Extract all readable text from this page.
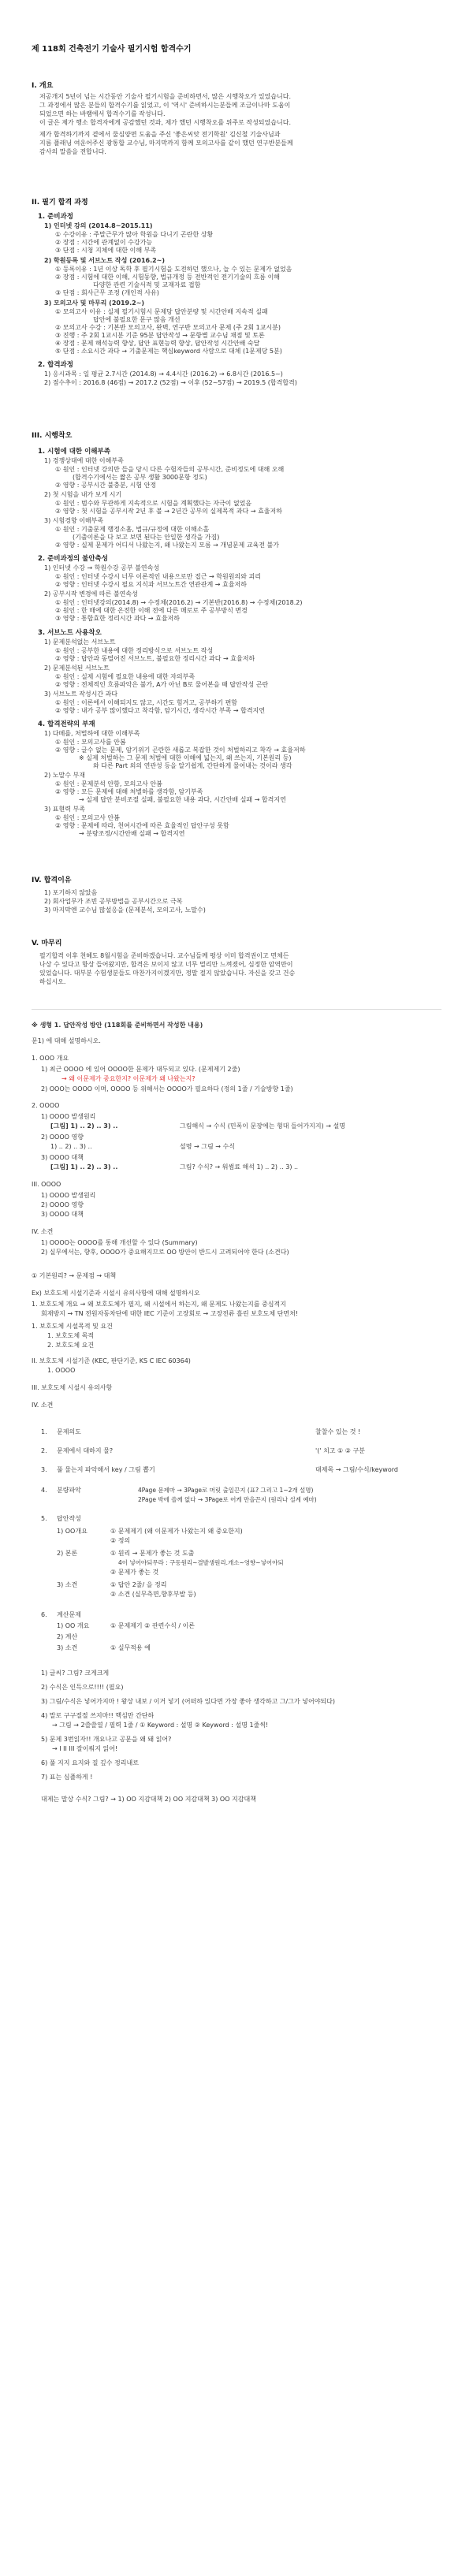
제 118회 건축전기 기술사 필기시험 합격수기
I. 개요
저공개지 5년이 넘는 시간동안 기술사 필기시험을 준비하면서, 많은 시행착오가 있었습니다.
그 과정에서 많은 분들의 합격수기를 읽었고, 이 '역시' 준비하시는분들께 조금이나마 도움이
되었으면 하는 바램에서 합격수기를 작성니다.
이 글은 제가 행소 합격자에게 공감했던 것과, 제가 했던 시행착오를 위주로 작성되었습니다.
제가 합격하기까지 곁에서 물심양면 도움을 주신 '좋은씨앗 전기학원' 김신철 기술사님과
지름 플래닝 여운어주신 광통합 교수님, 마지막까지 함께 모의고사를 같이 했던 연구반분들께
감사의 말씀을 전합니다.
II. 필기 합격 과정
1. 준비과정
1) 인터넷 강의 (2014.8~2015.11)
① 수강이유 : 주말근무가 많아 학원을 다니기 곤란한 상황
② 장점 : 시간에 관계없이 수강가능
③ 단점 : 시청 지체에 대한 이해 부족
2) 학원등록 및 서브노트 작성 (2016.2~)
① 등록이유 : 1년 이상 독학 후 필기시험을 도전하던 했으나, 늘 수 있는 문제가 없었음
② 장점 : 시험에 대한 이해, 시험동향, 법규개정 등 전반적인 전기기술의 흐름 이해
다양한 관련 기술서적 및 교재자료 접함
③ 단점 : 회사근무 조정 (개인적 사유)
3) 모의고사 및 마무리 (2019.2~)
① 모의고사 이유 : 실제 필기시험시 문제당 답안분량 및 시간안배 지속적 실패
답안에 불필요한 문구 많음 개선
② 모의고사 수강 : 기본반 모의고사, 완벽, 연구반 모의고사 문제 (주 2회 1교시분)
③ 진행 : 주 2회 1교시분 기준 95분 답안작성 → 문항별 교수님 채점 및 토론
④ 장점 : 문제 해석능력 향상, 답안 표현능력 향상, 답안작성 시간안배 숙달
⑤ 단점 : 소요시간 과다 → 기출문제는 핵심keyword 사람으로 대체 (1문제당 5분)
2. 합격과정
1) 응시과목 : 일 평균 2.7시간 (2014.8) → 4.4시간 (2016.2) → 6.8시간 (2016.5~)
2) 점수추이 : 2016.8 (46점) → 2017.2 (52점) → 이후 (52~57점) → 2019.5 (합격합격)
III. 시행착오
1. 시험에 대한 이해부족
1) 경쟁상대에 대한 이해부족
① 원인 : 인터넷 강의만 들을 당시 다른 수험자들의 공부시간, 준비정도에 대해 오해
(합격수기에서는 짧은 공부 생활 3000문항 정도)
② 영향 : 공부시간 불충분, 시험 안정
2) 첫 시험을 내가 보게 시기
① 원인 : 범수와 무관하게 지속적으로 시험을 계획했다는 자극이 없었음
② 영향 : 첫 시험을 공부시작 2년 후 볼 → 2년간 공부의 실제목적 과다 → 효율저하
3) 시험경향 이해부족
① 원인 : 기출문제 행정소홈, 법규/규정에 대한 이해소홀
(기출이론을 다 보고 보면 된다는 안일한 생각을 가짐)
② 영향 : 실제 문제가 어디서 나왔는지, 왜 나왔는지 모름 → 개념문제 교육전 불가
2. 준비과정의 불안축성
1) 인터넷 수강 → 학원수강 공부 불연속성
① 원인 : 인터넷 수강시 너무 이론적인 내용으로만 접근 → 학원원의와 괴리
② 영향 : 인터넷 수강시 필요 지식과 서브노트간 연관관계 → 효율저하
2) 공부시작 변경에 따른 불연속성
① 원인 : 인터넷강의(2014.8) → 수정체(2016.2) → 기본반(2016.8) → 수정체(2018.2)
② 원인 : 한 매에 대한 온전한 이해 전에 다른 매로로 주 공부방식 변경
③ 영향 : 통합효한 정리시간 과다 → 효율저하
3. 서브노트 사용착오
1) 문제분석없는 서브노트
① 원인 : 공부한 내용에 대한 정리방식으로 서브노트 작성
② 영향 : 답안과 동떨어진 서브노트, 불필요한 정리시간 과다 → 효율저하
2) 문제분석된 서브노트
① 원인 : 실제 시험에 필요한 내용에 대한 자의부족
② 영향 : 전체적인 흐름파악은 불가, A가 아닌 B로 물어본을 때 답안작성 곤란
3) 서브노트 작성시간 과다
① 원인 : 이론에서 이해되지도 않고, 시간도 힘겨고, 공부하기 편함
② 영향 : 내가 공부 많이했다고 착각함, 암기시간, 생각시간 부족 → 합격지연
4. 합격전략의 부재
1) 다떼를, 처벌하에 대한 이해부족
① 원인 : 모의고사를 안봄
② 영향 : 글수 없는 문제, 암기위기 곤란한 새롭고 복잡한 것이 처벌하리고 착각 → 효율저하
※ 실제 처벌하는 그 문제 처벌에 대한 이해에 넓는지, 왜 쓰는지, 기본원리 등)
와 다른 Part 외의 연관성 등을 알기쉽게, 간단하게 물어내는 것이라 생각
2) 노말수 부재
① 원인 : 문제분석 안함, 모의고사 안봄
② 영향 : 모든 문제에 대해 처별하를 생각함, 암기부족
→ 실제 답안 분비조절 실패, 불필요한 내용 과다, 시간안배 실패 → 합격지연
3) 표현력 부족
① 원인 : 모의고사 안봄
② 영향 : 문제에 따라, 천여시간에 따른 효율적인 답안구성 못함
→ 분량조정/시간안배 실패 → 합격지연
IV. 합격이유
1) 포기하지 않았음
2) 회사업무가 조빈 공부방법을 공부시간으로 극복
3) 마지막엔 교수님 많설응을 (문제분석, 모의고사, 노말수)
V. 마무리
필기합격 이후 천혜도 8월시험을 준비하겠습니다. 교수님들께 평상 이미 합격권이고 면체든
나상 수 있다고 항상 들어왔지만, 합격은 보이지 않고 너무 멀리만 느껴졌어, 심정한 암역만이
있었습니다. 대부분 수험생분들도 마찬가지이겠지만, 정말 절지 않았습니다. 자신을 갖고 건승
하십시오.
※ 생형 1. 답안작성 방안 (118회를 준비하면서 작성한 내용)
문1) 에 대해 설명하시오.
1. OOO 개요
1) 최근 OOOO 에 있어 OOOO한 문제가 대두되고 있다. (문제제기 2줄)
→ 왜 이문제가 중요한지? 이문제가 왜 나왔는지?
2) OOO는 OOOO 이며, OOOO 등 위해서는 OOOO가 필요하다 (정의 1줄 / 기술방향 1줄)
2. OOOO
1) OOOO 발생원리
[그림] 1) .. 2) .. 3) ..	그림해식 → 수식 (민폭이 문장에는 형대 들어가지지) → 설명
2) OOOO 영향
1) .. 2) .. 3) ..	설명 → 그림 → 수식
3) OOOO 대책
[그림] 1) .. 2) .. 3) ..	그림? 수식? → 워썸료 해석 1) .. 2) .. 3) ..
III. OOOO
1) OOOO 발생원리
2) OOOO 영향
3) OOOO 대책
IV. 소견
1) OOOO는 OOOO를 통해 개선할 수 있다 (Summary)
2) 실무에서는, 향후, OOOO가 중요해지므로 OO 방안이 반드시 고려되어야 한다 (소견다)
① 기본원리? → 문제점 → 대책
Ex) 보호도체 시설기준과 시설시 유의사항에 대해 설명하시오
1. 보호도체 개요 → 왜 보호도체가 필지, 왜 시설에서 하는지, 왜 문제도 나왔는지를 중심적지
회재방지 → TN 전원자동차단에 대한 IEC 기준이 고장회로 → 고장전류 흘린 보호도체 단면처!
1. 보호도체 시설목적 및 요건
1. 보호도체 목적
2. 보호도체 요건
II. 보호도체 시설기준 (KEC, 판단기준, KS C IEC 60364)
1. OOOO
III. 보호도체 시설시 유의사항
IV. 소견
1. 문제의도	찰찰수 있는 것 !
2. 문제에서 대하지 물?	'(' 치고 ① ② 구분
3. 풀 물는지 파악해서 key / 그림 뽑기	대제목 → 그림/수식/keyword
4. 분량파악	4Page 문제마 → 3Page로 머릿 출일끈지 (표? 그리고 1~2개 설명)
2Page 박에 쓸께 없다 → 3Page로 어케 만을끈지 (원리나 설계 예마)
5. 답안작성
1) OO개요	① 문제제기 (왜 이문제가 나왔는지 왜 중요한지)
② 정의
2) 본론	① 원리 → 문제가 좋는 것 도출
4이 넣어야되무라 : 구동원리~결발생원리.개소~영향~넣어야되
② 문제가 좋는 것
3) 소견	① 답안 2줄/ 을 정리
② 소견 (실무측면,향후부발 등)
6. 계산문제
1) OO 개요	① 문제제기 ② 관련수식 / 이론
2) 계산
3) 소견	① 실무적용 예
1) 글씨? 그림? 크게크게
2) 수식은 인득으로!!!! (필요)
3) 그림/수식은 넣어가지마 ! 왕상 내보 / 이거 넣기 (어떠하 있다면 가장 좋아 생각하고 그/그가 넣어야되다)
4) 말로 구구절절 쓰지마!! 핵심만 간단하
→ 그림 → 2쓸쓸열 / 필력 1줄 / ① Keyword : 설명 ② Keyword : 설명 1줄씩!
5) 문제 3번읽자!! 개요나고 공문을 왜 돼 읽어?
→ I II III 잘이뤄지 읽어!
6) 풀 지지 요지와 질 깊수 정리내로
7) 표는 심플하게 !
대제는 말상 수식? 그림? → 1) OO 지감대책 2) OO 지감대책 3) OO 지감대책
